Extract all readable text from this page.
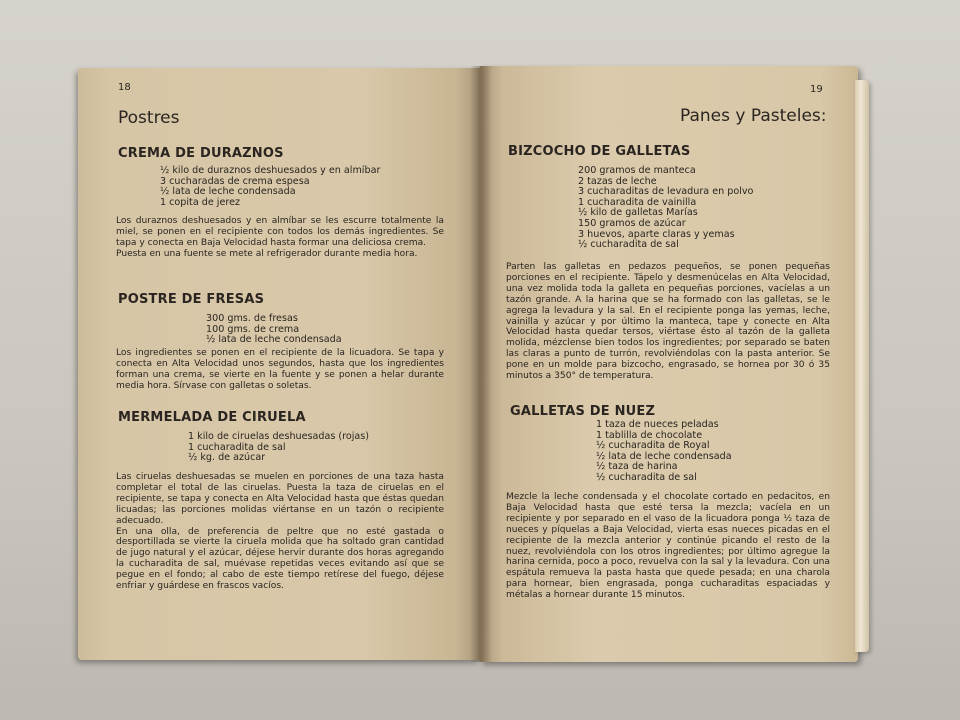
18
Postres
CREMA DE DURAZNOS
½ kilo de duraznos deshuesados y en almíbar
3 cucharadas de crema espesa
½ lata de leche condensada
1 copita de jerez

Los duraznos deshuesados y en almíbar se les escurre totalmente la miel, se ponen en el recipiente con todos los demás ingredientes. Se tapa y conecta en Baja Velocidad hasta formar una deliciosa crema.

Puesta en una fuente se mete al refrigerador durante media hora.

POSTRE DE FRESAS
300 gms. de fresas
100 gms. de crema
½ lata de leche condensada

Los ingredientes se ponen en el recipiente de la licuadora. Se tapa y conecta en Alta Velocidad unos segundos, hasta que los ingredientes forman una crema, se vierte en la fuente y se ponen a helar durante media hora. Sírvase con galletas o soletas.

MERMELADA DE CIRUELA
1 kilo de ciruelas deshuesadas (rojas)
1 cucharadita de sal
½ kg. de azúcar

Las ciruelas deshuesadas se muelen en porciones de una taza hasta completar el total de las ciruelas. Puesta la taza de ciruelas en el recipiente, se tapa y conecta en Alta Velocidad hasta que éstas quedan licuadas; las porciones molidas viértanse en un tazón o recipiente adecuado.

En una olla, de preferencia de peltre que no esté gastada o desportillada se vierte la ciruela molida que ha soltado gran cantidad de jugo natural y el azúcar, déjese hervir durante dos horas agregando la cucharadita de sal, muévase repetidas veces evitando así que se pegue en el fondo; al cabo de este tiempo retírese del fuego, déjese enfriar y guárdese en frascos vacíos.

19
Panes y Pasteles:
BIZCOCHO DE GALLETAS
200 gramos de manteca
2 tazas de leche
3 cucharaditas de levadura en polvo
1 cucharadita de vainilla
½ kilo de galletas Marías
150 gramos de azúcar
3 huevos, aparte claras y yemas
½ cucharadita de sal

Parten las galletas en pedazos pequeños, se ponen pequeñas porciones en el recipiente. Tápelo y desmenúcelas en Alta Velocidad, una vez molida toda la galleta en pequeñas porciones, vacíelas a un tazón grande. A la harina que se ha formado con las galletas, se le agrega la levadura y la sal. En el recipiente ponga las yemas, leche, vainilla y azúcar y por último la manteca, tape y conecte en Alta Velocidad hasta quedar tersos, viértase ésto al tazón de la galleta molida, mézclense bien todos los ingredientes; por separado se baten las claras a punto de turrón, revolviéndolas con la pasta anterior. Se pone en un molde para bizcocho, engrasado, se hornea por 30 ó 35 minutos a 350° de temperatura.

GALLETAS DE NUEZ
1 taza de nueces peladas
1 tablilla de chocolate
½ cucharadita de Royal
½ lata de leche condensada
½ taza de harina
½ cucharadita de sal

Mezcle la leche condensada y el chocolate cortado en pedacitos, en Baja Velocidad hasta que esté tersa la mezcla; vacíela en un recipiente y por separado en el vaso de la licuadora ponga ½ taza de nueces y píquelas a Baja Velocidad, vierta esas nueces picadas en el recipiente de la mezcla anterior y continúe picando el resto de la nuez, revolviéndola con los otros ingredientes; por último agregue la harina cernida, poco a poco, revuelva con la sal y la levadura. Con una espátula remueva la pasta hasta que quede pesada; en una charola para hornear, bien engrasada, ponga cucharaditas espaciadas y métalas a hornear durante 15 minutos.
